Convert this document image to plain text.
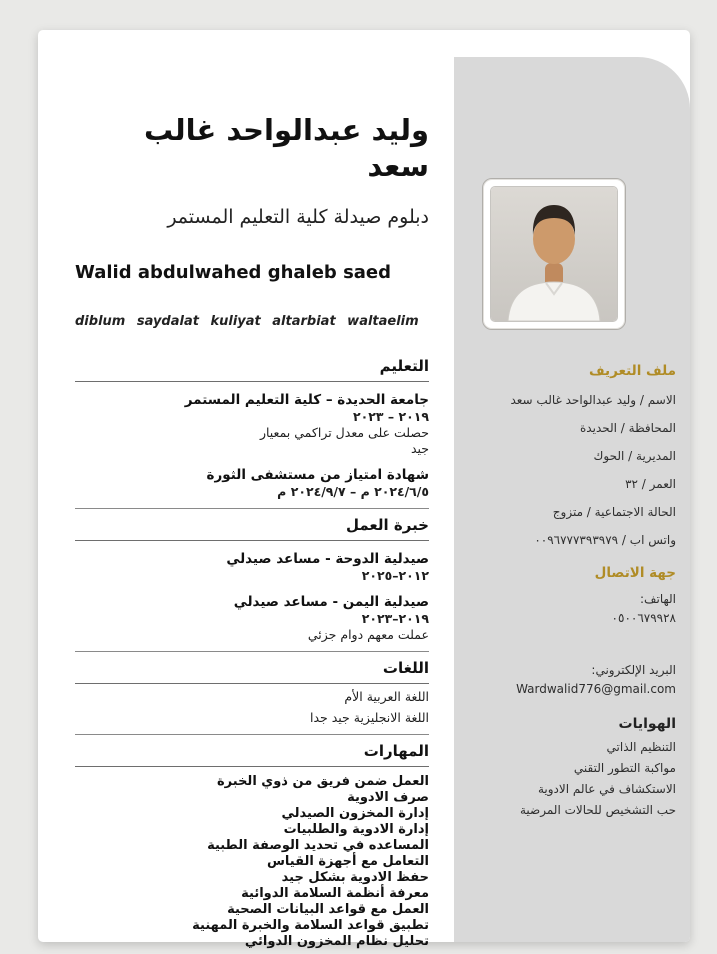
وليد عبدالواحد غالب سعد
دبلوم صيدلة كلية التعليم المستمر
Walid abdulwahed ghaleb saed
diblum saydalat kuliyat altarbiat waltaelim
التعليم
جامعة الحديدة – كلية التعليم المستمر
٢٠١٩ – ٢٠٢٣
حصلت على معدل تراكمي بمعيار
جيد
شهادة امتياز من مستشفى الثورة
٢٠٢٤/٦/٥ م – ٢٠٢٤/٩/٧ م
خبرة العمل
صيدلية الدوحة - مساعد صيدلي
٢٠١٢–٢٠٢٥
صيدلية اليمن - مساعد صيدلي
٢٠١٩–٢٠٢٣
عملت معهم دوام جزئي
اللغات
اللغة العربية الأم
اللغة الانجليزية جيد جدا
المهارات
العمل ضمن فريق من ذوي الخبرة
صرف الادوية
إدارة المخزون الصيدلي
إدارة الادوية والطلبيات
المساعده في تحديد الوصفة الطبية
التعامل مع أجهزة القياس
حفظ الادوية بشكل جيد
معرفة أنظمة السلامة الدوائية
العمل مع قواعد البيانات الصحية
تطبيق قواعد السلامة والخبرة المهنية
تحليل نظام المخزون الدوائي
ملف التعريف
الاسم / وليد عبدالواحد غالب سعد
المحافظة / الحديدة
المديرية / الحوك
العمر / ٣٢
الحالة الاجتماعية / متزوج
واتس اب / ٠٠٩٦٧٧٧٣٩٣٩٧٩
جهة الاتصال
الهاتف:
٠٥٠٠٦٧٩٩٢٨
البريد الإلكتروني:
Wardwalid776@gmail.com
الهوايات
التنظيم الذاتي
مواكبة التطور التقني
الاستكشاف في عالم الادوية
حب التشخيص للحالات المرضية
